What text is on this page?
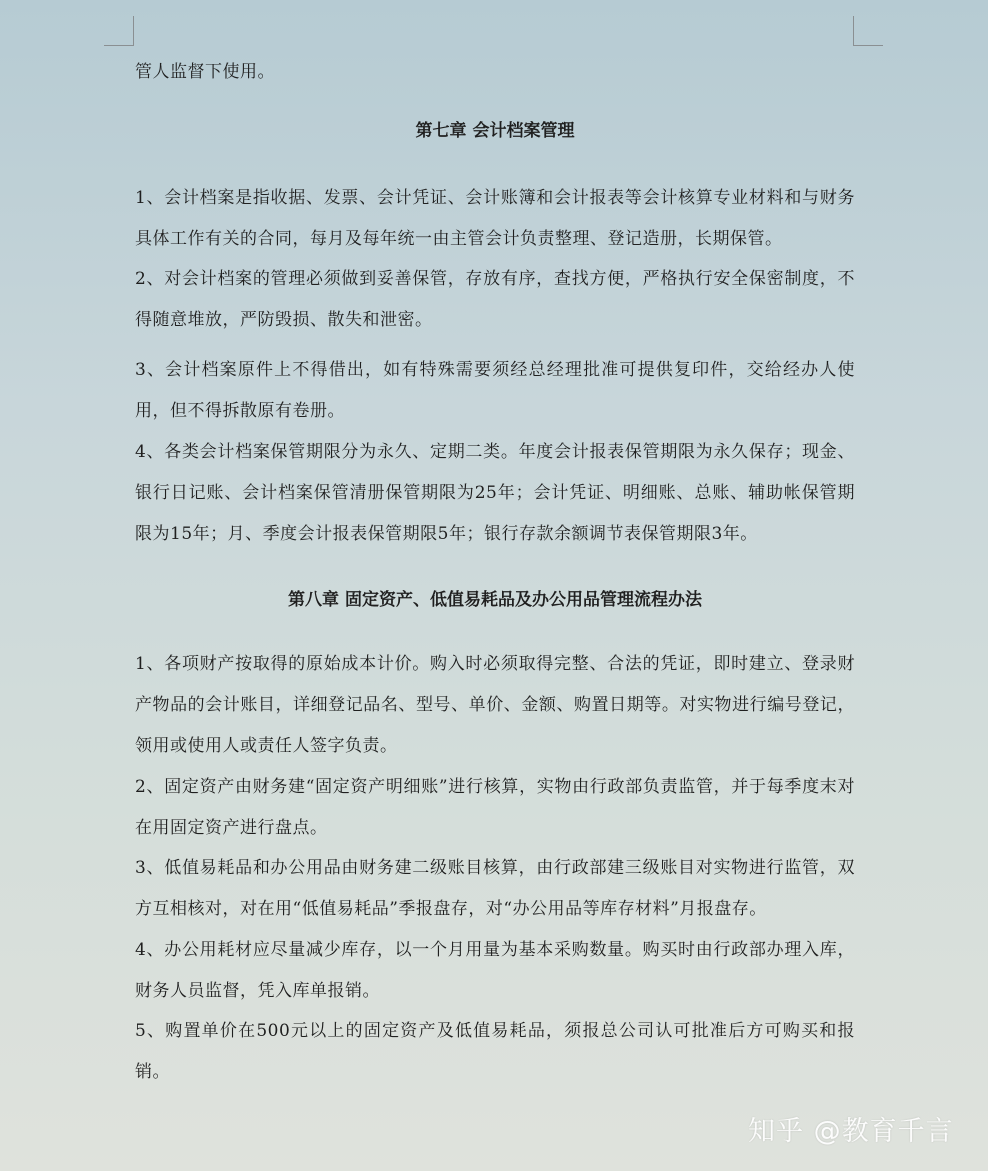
管人监督下使用。

第七章 会计档案管理

1、会计档案是指收据、发票、会计凭证、会计账簿和会计报表等会计核算专业材料和与财务具体工作有关的合同，每月及每年统一由主管会计负责整理、登记造册，长期保管。

2、对会计档案的管理必须做到妥善保管，存放有序，查找方便，严格执行安全保密制度，不得随意堆放，严防毁损、散失和泄密。

3、会计档案原件上不得借出，如有特殊需要须经总经理批准可提供复印件，交给经办人使用，但不得拆散原有卷册。

4、各类会计档案保管期限分为永久、定期二类。年度会计报表保管期限为永久保存；现金、银行日记账、会计档案保管清册保管期限为25年；会计凭证、明细账、总账、辅助帐保管期限为15年；月、季度会计报表保管期限5年；银行存款余额调节表保管期限3年。

第八章 固定资产、低值易耗品及办公用品管理流程办法

1、各项财产按取得的原始成本计价。购入时必须取得完整、合法的凭证，即时建立、登录财产物品的会计账目，详细登记品名、型号、单价、金额、购置日期等。对实物进行编号登记，领用或使用人或责任人签字负责。

2、固定资产由财务建“固定资产明细账”进行核算，实物由行政部负责监管，并于每季度末对在用固定资产进行盘点。

3、低值易耗品和办公用品由财务建二级账目核算，由行政部建三级账目对实物进行监管，双方互相核对，对在用“低值易耗品”季报盘存，对“办公用品等库存材料”月报盘存。

4、办公用耗材应尽量减少库存，以一个月用量为基本采购数量。购买时由行政部办理入库，财务人员监督，凭入库单报销。

5、购置单价在500元以上的固定资产及低值易耗品，须报总公司认可批准后方可购买和报销。

知乎 @教育千言
